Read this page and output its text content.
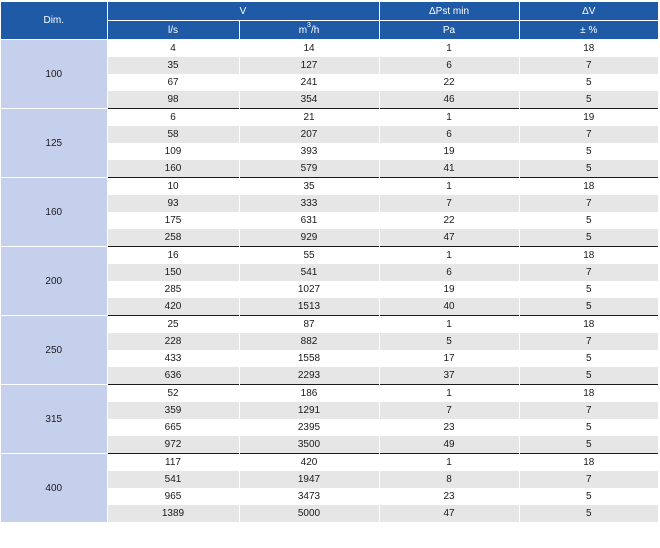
Dim.	V		ΔPst min	ΔV
	l/s	$m^3/h$	Pa	± %
100	4	14	1	18
	35	127	6	7
	67	241	22	5
	98	354	46	5
125	6	21	1	19
	58	207	6	7
	109	393	19	5
	160	579	41	5
160	10	35	1	18
	93	333	7	7
	175	631	22	5
	258	929	47	5
200	16	55	1	18
	150	541	6	7
	285	1027	19	5
	420	1513	40	5
250	25	87	1	18
	228	882	5	7
	433	1558	17	5
	636	2293	37	5
315	52	186	1	18
	359	1291	7	7
	665	2395	23	5
	972	3500	49	5
400	117	420	1	18
	541	1947	8	7
	965	3473	23	5
	1389	5000	47	5
